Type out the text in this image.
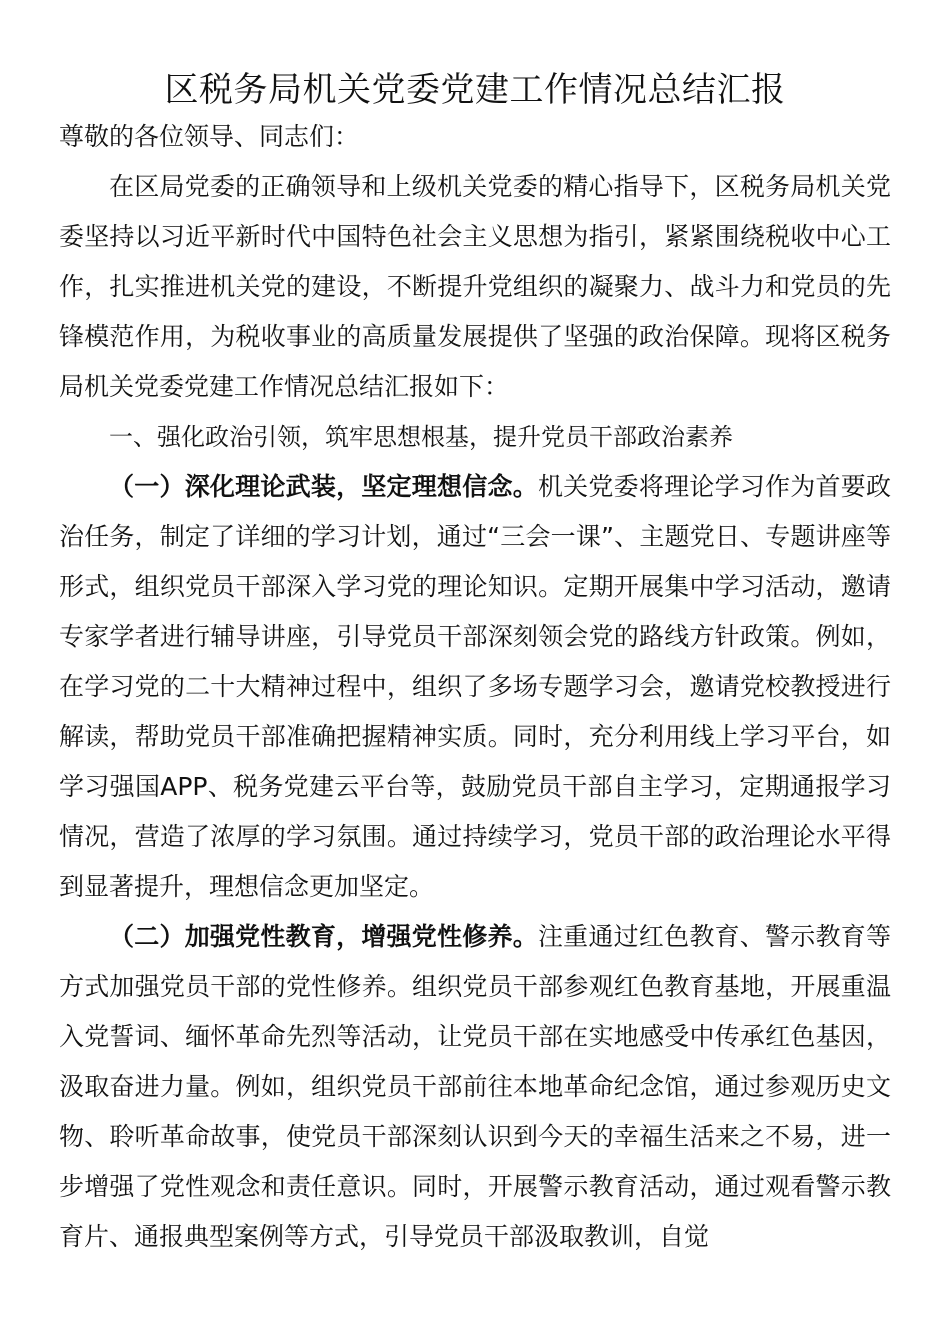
区税务局机关党委党建工作情况总结汇报

尊敬的各位领导、同志们：

在区局党委的正确领导和上级机关党委的精心指导下，区税务局机关党委坚持以习近平新时代中国特色社会主义思想为指引，紧紧围绕税收中心工作，扎实推进机关党的建设，不断提升党组织的凝聚力、战斗力和党员的先锋模范作用，为税收事业的高质量发展提供了坚强的政治保障。现将区税务局机关党委党建工作情况总结汇报如下：

一、强化政治引领，筑牢思想根基，提升党员干部政治素养

（一）深化理论武装，坚定理想信念。机关党委将理论学习作为首要政治任务，制定了详细的学习计划，通过“三会一课”、主题党日、专题讲座等形式，组织党员干部深入学习党的理论知识。定期开展集中学习活动，邀请专家学者进行辅导讲座，引导党员干部深刻领会党的路线方针政策。例如，在学习党的二十大精神过程中，组织了多场专题学习会，邀请党校教授进行解读，帮助党员干部准确把握精神实质。同时，充分利用线上学习平台，如学习强国APP、税务党建云平台等，鼓励党员干部自主学习，定期通报学习情况，营造了浓厚的学习氛围。通过持续学习，党员干部的政治理论水平得到显著提升，理想信念更加坚定。

（二）加强党性教育，增强党性修养。注重通过红色教育、警示教育等方式加强党员干部的党性修养。组织党员干部参观红色教育基地，开展重温入党誓词、缅怀革命先烈等活动，让党员干部在实地感受中传承红色基因，汲取奋进力量。例如，组织党员干部前往本地革命纪念馆，通过参观历史文物、聆听革命故事，使党员干部深刻认识到今天的幸福生活来之不易，进一步增强了党性观念和责任意识。同时，开展警示教育活动，通过观看警示教育片、通报典型案例等方式，引导党员干部汲取教训，自觉
